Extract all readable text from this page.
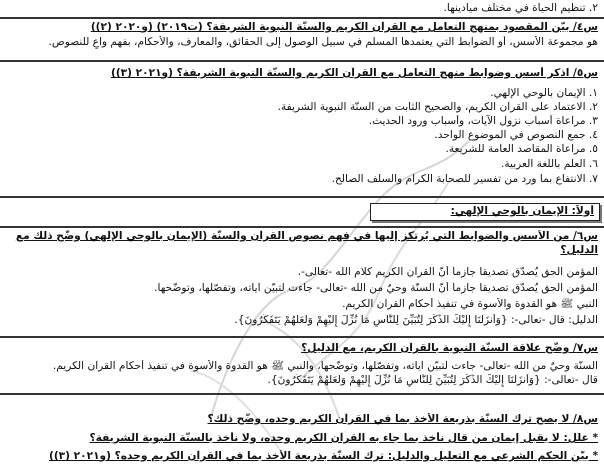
٢. تنظيم الحياة في مختلف ميادينها.
س٤/ بيّن المقصود بمنهج التعامل مع القرآن الكريم والسنّة النبوية الشريفة؟ (ت٢٠١٩) (و٢٠٢٠ (٢))
هو مجموعة الأسس، أو الضوابط التي يعتمدها المسلم في سبيل الوصول إلى الحقائق، والمعارف، والأحكام، بفهم واعٍ للنصوص.
س٥/ اذكر أسس وضوابط منهج التعامل مع القرآن الكريم والسنّة النبوية الشريفة؟ (و٢٠٢١ (٣))
١. الإيمان بالوحي الإلهي.
٢. الاعتماد على القرآن الكريم، والصحيح الثابت من السنّة النبوية الشريفة.
٣. مراعاة أسباب نزول الآيات، وأسباب ورود الحديث.
٤. جمع النصوص في الموضوع الواحد.
٥. مراعاة المقاصد العامة للشريعة.
٦. العلم باللغة العربية.
٧. الانتفاع بما ورد من تفسير للصحابة الكرام والسلف الصالح.
أولاً: الإيمان بالوحي الإلهي:
س٦/ من الأسس والضوابط التي يُرتكز إليها في فهم نصوص القرآن والسنّة (الإيمان بالوحي الإلهي) وضّح ذلك مع
الدليل؟
المؤمن الحق يُصدّق تصديقاً جازماً أنّ القرآن الكريم كلام الله -تعالى-.
المؤمن الحق يُصدّق تصديقاً جازماً أنّ السنّة وحيٌ من الله -تعالى- جاءت لتبيّن آياته، وتفصّلها، وتوضّحها.
النبي ﷺ هو القدوة والأسوة في تنفيذ أحكام القرآن الكريم.
الدليل: قال -تعالى-: {وَأَنزَلْنَا إِلَيْكَ الذِّكْرَ لِتُبَيِّنَ لِلنَّاسِ مَا نُزِّلَ إِلَيْهِمْ وَلَعَلَّهُمْ يَتَفَكَّرُونَ}.
س٧/ وضّح علاقة السنّة النبوية بالقرآن الكريم، مع الدليل؟
السنّة وحيٌ من الله -تعالى- جاءت لتبيّن آياته، وتفصّلها، وتوضّحها، والنبي ﷺ هو القدوة والأسوة في تنفيذ أحكام القرآن الكريم.
قال -تعالى-: {وَأَنزَلْنَا إِلَيْكَ الذِّكْرَ لِتُبَيِّنَ لِلنَّاسِ مَا نُزِّلَ إِلَيْهِمْ وَلَعَلَّهُمْ يَتَفَكَّرُونَ}.
س٨/ لا يصح ترك السنّة بذريعة الأخذ بما في القرآن الكريم وحده، وضّح ذلك؟
* علل: لا يقبل إيمان من قال نأخذ بما جاء به القرآن الكريم وحده، ولا نأخذ بالسنّة النبوية الشريفة؟
* بيّن الحكم الشرعي مع التعليل والدليل: ترك السنّة بذريعة الأخذ بما في القرآن الكريم وحده؟ (و٢٠٢١ (٣))
